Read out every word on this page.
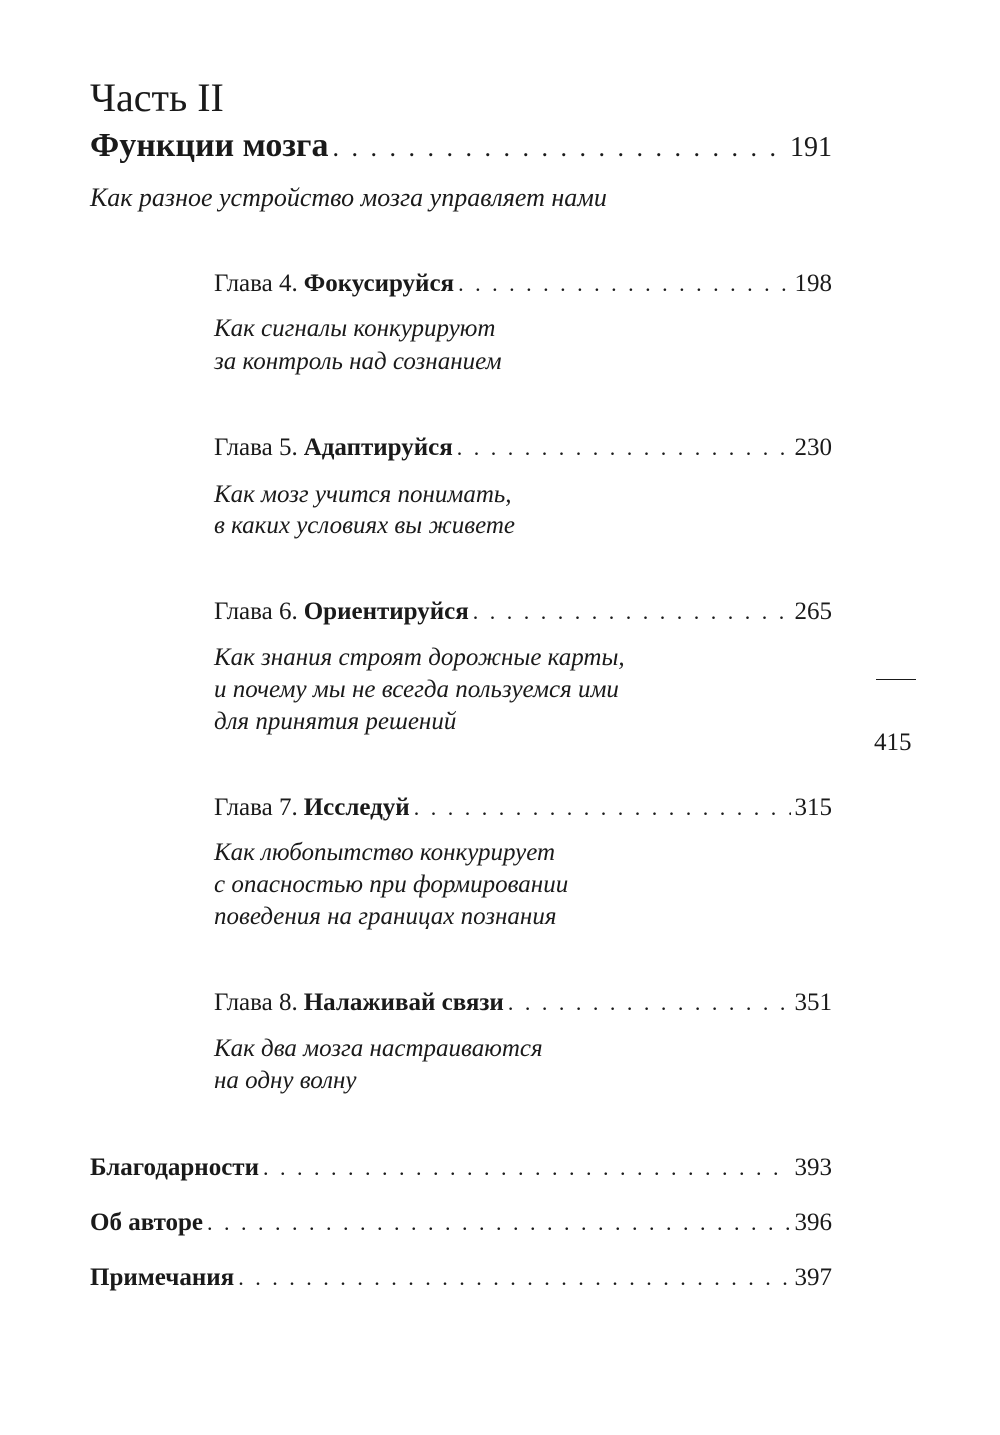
Часть II
Функции мозга . . .	191
Как разное устройство мозга управляет нами
Глава 4. Фокусируйся . . .	198
Как сигналы конкурируют
за контроль над сознанием
Глава 5. Адаптируйся . . .	230
Как мозг учится понимать,
в каких условиях вы живете
Глава 6. Ориентируйся . . .	265
Как знания строят дорожные карты,
и почему мы не всегда пользуемся ими
для принятия решений
Глава 7. Исследуй . . .	315
Как любопытство конкурирует
с опасностью при формировании
поведения на границах познания
Глава 8. Налаживай связи . . .	351
Как два мозга настраиваются
на одну волну
Благодарности . . .	393
Об авторе . . .	396
Примечания . . .	397
415
